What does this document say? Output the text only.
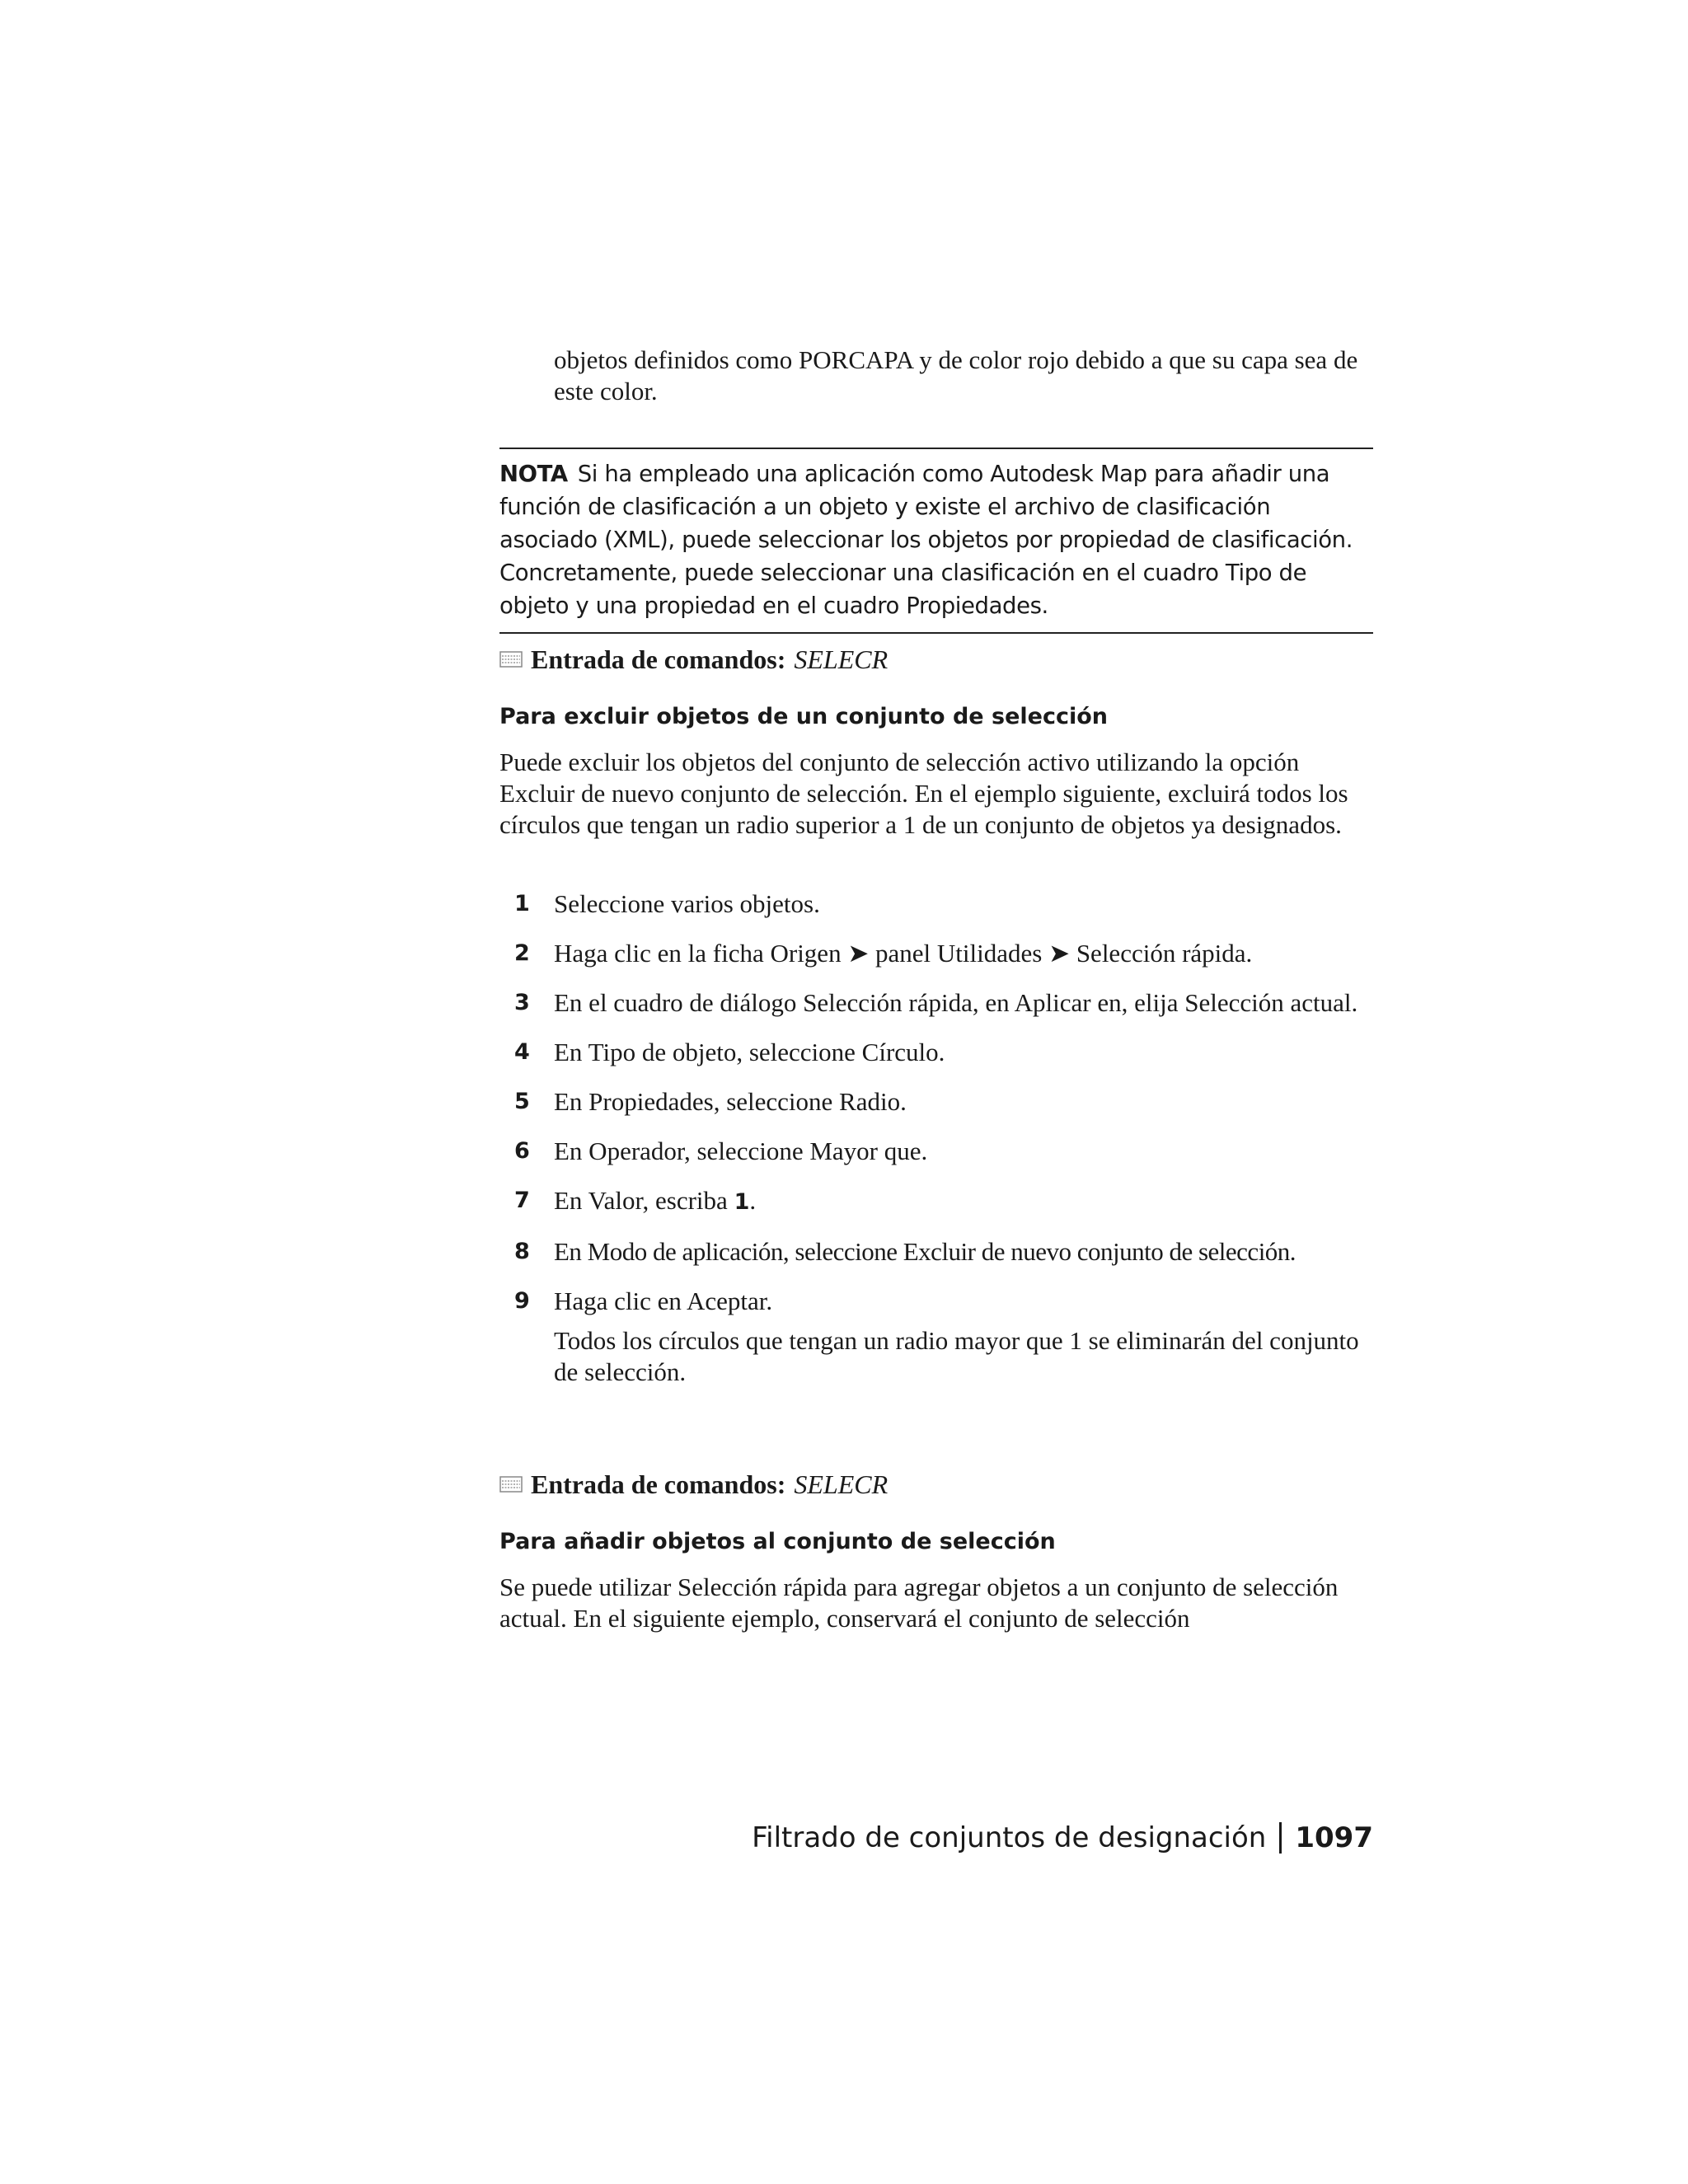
objetos definidos como PORCAPA y de color rojo debido a que su capa sea de este color.

NOTA Si ha empleado una aplicación como Autodesk Map para añadir una función de clasificación a un objeto y existe el archivo de clasificación asociado (XML), puede seleccionar los objetos por propiedad de clasificación. Concretamente, puede seleccionar una clasificación en el cuadro Tipo de objeto y una propiedad en el cuadro Propiedades.

Entrada de comandos: SELECR
Para excluir objetos de un conjunto de selección

Puede excluir los objetos del conjunto de selección activo utilizando la opción Excluir de nuevo conjunto de selección. En el ejemplo siguiente, excluirá todos los círculos que tengan un radio superior a 1 de un conjunto de objetos ya designados.

1 Seleccione varios objetos.
2 Haga clic en la ficha Origen ➤ panel Utilidades ➤ Selección rápida.
3 En el cuadro de diálogo Selección rápida, en Aplicar en, elija Selección actual.
4 En Tipo de objeto, seleccione Círculo.
5 En Propiedades, seleccione Radio.
6 En Operador, seleccione Mayor que.
7 En Valor, escriba 1.
8 En Modo de aplicación, seleccione Excluir de nuevo conjunto de selección.
9 Haga clic en Aceptar.
Todos los círculos que tengan un radio mayor que 1 se eliminarán del conjunto de selección.
Entrada de comandos: SELECR
Para añadir objetos al conjunto de selección

Se puede utilizar Selección rápida para agregar objetos a un conjunto de selección actual. En el siguiente ejemplo, conservará el conjunto de selección

Filtrado de conjuntos de designación 1097
